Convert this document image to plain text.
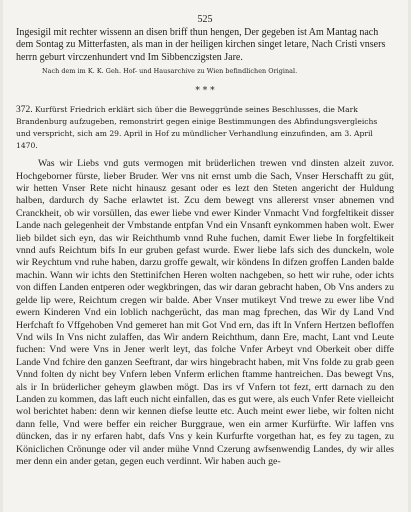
525

Ingesigil mit rechter wissenn an disen briff thun hengen, Der gegeben ist Am Mantag nach dem Sontag zu Mitterfasten, als man in der heiligen kirchen singet letare, Nach Cristi vnsers herrn geburt virczenhundert vnd Im Sibbenczigsten Jare.

Nach dem im K. K. Geh. Hof- und Hausarchive zu Wien befindlichen Original.

* * *

372. Kurfürst Friedrich erklärt sich über die Beweggründe seines Beschlusses, die Mark Brandenburg aufzugeben, remonstrirt gegen einige Bestimmungen des Abfindungsvergleichs und verspricht, sich am 29. April in Hof zu mündlicher Verhandlung einzufinden, am 3. April 1470.

Was wir Liebs vnd guts vermogen mit brüderlichen trewen vnd dinsten alzeit zuvor. Hochgeborner fürste, lieber Bruder. Wer vns nit ernst umb die Sach, Vnser Herschafft zu güt, wir hetten Vnser Rete nicht hinausz gesant oder es lezt den Steten angericht der Huldung halben, dardurch dy Sache erlawtet ist. Zcu dem bewegt vns allererst vnser abnemen vnd Cranckheit, ob wir vorsüllen, das ewer liebe vnd ewer Kinder Vnmacht Vnd forgfeltikeit disser Lande nach gelegenheit der Vmbstande entpfan Vnd ein Vnsanft eynkommen haben wolt. Ewer lieb bildet sich eyn, das wir Reichthumb vnnd Ruhe fuchen, damit Ewer liebe In forgfeltikeit vnnd aufs Reichtum bifs In eur gruben gefast wurde. Ewer liebe lafs sich des dunckeln, wole wir Reychtum vnd ruhe haben, darzu groffe gewalt, wir köndens In difzen groffen Landen balde machin. Wann wir ichts den Stettinifchen Heren wolten nachgeben, so hett wir ruhe, oder ichts von diffen Landen entperen oder wegkbringen, das wir daran gebracht haben, Ob Vns anders zu gelde lip were, Reichtum cregen wir balde. Aber Vnser mutikeyt Vnd trewe zu ewer libe Vnd ewern Kinderen Vnd ein loblich nachgerücht, das man mag fprechen, das Wir dy Land Vnd Herfchaft fo Vffgehoben Vnd gemeret han mit Got Vnd ern, das ift In Vnfern Hertzen befloffen Vnd wils In Vns nicht zulaffen, das Wir andern Reichthum, dann Ere, macht, Lant vnd Leute fuchen: Vnd were Vns in Jener werlt leyt, das folche Vnfer Arbeyt vnd Oberkeit ober diffe Lande Vnd fchire den ganzen Seeftrant, dar wirs hingebracht haben, mit Vns folde zu grab geen Vnnd folten dy nicht bey Vnfern leben Vnferm erlichen ftamme hantreichen. Das bewegt Vns, als ir In brüderlicher geheym glawben mögt. Das irs vf Vnfern tot fezt, ertt darnach zu den Landen zu kommen, das laft euch nicht einfallen, das es gut were, als euch Vnfer Rete vielleicht wol berichtet haben: denn wir kennen diefse leutte etc. Auch meint ewer liebe, wir folten nicht dann felle, Vnd were beffer ein reicher Burggraue, wen ein armer Kurfürfte. Wir laffen vns düncken, das ir ny erfaren habt, dafs Vns y kein Kurfurfte vorgethan hat, es fey zu tagen, zu Köniclichen Crönunge oder vil ander mühe Vnnd Czerung awfsenwendig Landes, dy wir alles mer denn ein ander getan, gegen euch verdinnt. Wir haben auch ge-
